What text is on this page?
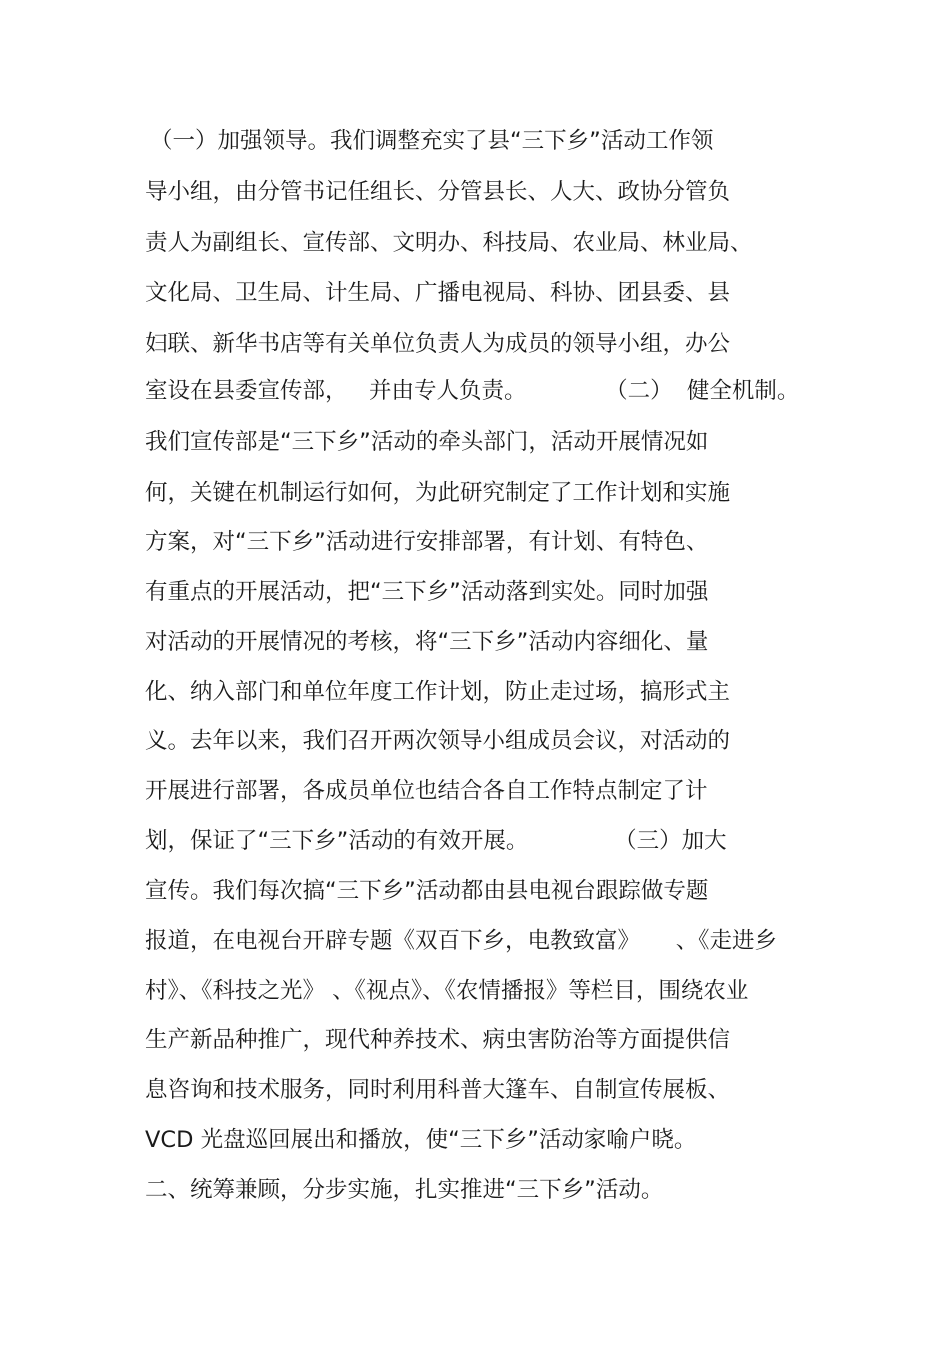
（一）加强领导。我们调整充实了县“三下乡”活动工作领

导小组，由分管书记任组长、分管县长、人大、政协分管负

责人为副组长、宣传部、文明办、科技局、农业局、林业局、

文化局、卫生局、计生局、广播电视局、科协、团县委、县

妇联、新华书店等有关单位负责人为成员的领导小组，办公

室设在县委宣传部，   并由专人负责。           （二）  健全机制。

我们宣传部是“三下乡”活动的牵头部门，活动开展情况如

何，关键在机制运行如何，为此研究制定了工作计划和实施

方案，对“三下乡”活动进行安排部署，有计划、有特色、

有重点的开展活动，把“三下乡”活动落到实处。同时加强

对活动的开展情况的考核，将“三下乡”活动内容细化、量

化、纳入部门和单位年度工作计划，防止走过场，搞形式主

义。去年以来，我们召开两次领导小组成员会议，对活动的

开展进行部署，各成员单位也结合各自工作特点制定了计

划，保证了“三下乡”活动的有效开展。            （三）加大

宣传。我们每次搞“三下乡”活动都由县电视台跟踪做专题

报道，在电视台开辟专题《双百下乡，电教致富》     、《走进乡

村》、《科技之光》 、《视点》、《农情播报》等栏目，围绕农业

生产新品种推广，现代种养技术、病虫害防治等方面提供信

息咨询和技术服务，同时利用科普大篷车、自制宣传展板、

VCD 光盘巡回展出和播放，使“三下乡”活动家喻户晓。

二、统筹兼顾，分步实施，扎实推进“三下乡”活动。
